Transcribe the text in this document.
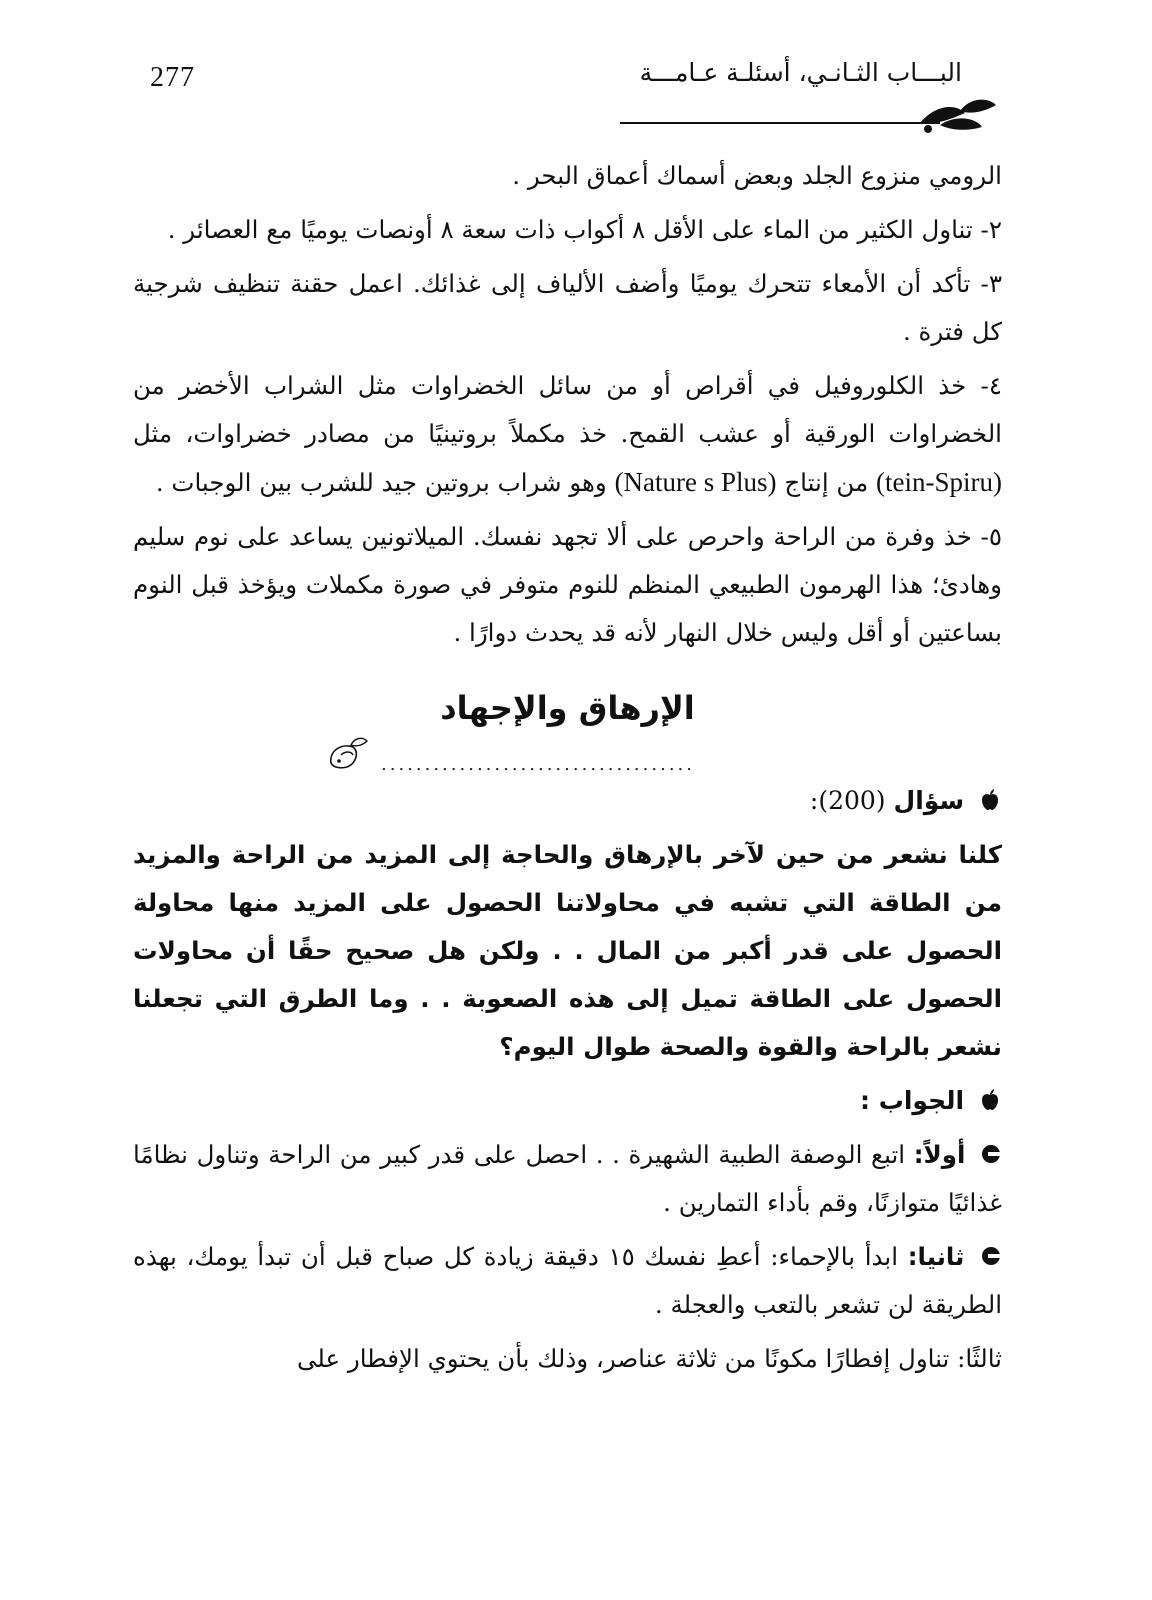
277	البـــاب الثـانـي، أسئلـة عـامـــة

الرومي منزوع الجلد وبعض أسماك أعماق البحر .

٢- تناول الكثير من الماء على الأقل ٨ أكواب ذات سعة ٨ أونصات يوميًا مع العصائر .

٣- تأكد أن الأمعاء تتحرك يوميًا وأضف الألياف إلى غذائك. اعمل حقنة تنظيف شرجية كل فترة .

٤- خذ الكلوروفيل في أقراص أو من سائل الخضراوات مثل الشراب الأخضر من الخضراوات الورقية أو عشب القمح. خذ مكملاً بروتينيًا من مصادر خضراوات، مثل (tein-Spiru) من إنتاج (Nature s Plus) وهو شراب بروتين جيد للشرب بين الوجبات .

٥- خذ وفرة من الراحة واحرص على ألا تجهد نفسك. الميلاتونين يساعد على نوم سليم وهادئ؛ هذا الهرمون الطبيعي المنظم للنوم متوفر في صورة مكملات ويؤخذ قبل النوم بساعتين أو أقل وليس خلال النهار لأنه قد يحدث دوارًا .

الإرهاق والإجهاد
....................................

سؤال (200):

كلنا نشعر من حين لآخر بالإرهاق والحاجة إلى المزيد من الراحة والمزيد من الطاقة التي تشبه في محاولاتنا الحصول على المزيد منها محاولة الحصول على قدر أكبر من المال . . ولكن هل صحيح حقًا أن محاولات الحصول على الطاقة تميل إلى هذه الصعوبة . . وما الطرق التي تجعلنا نشعر بالراحة والقوة والصحة طوال اليوم؟

الجواب :

أولاً: اتبع الوصفة الطبية الشهيرة . . احصل على قدر كبير من الراحة وتناول نظامًا غذائيًا متوازنًا، وقم بأداء التمارين .

ثانيا: ابدأ بالإحماء: أعطِ نفسك ١٥ دقيقة زيادة كل صباح قبل أن تبدأ يومك، بهذه الطريقة لن تشعر بالتعب والعجلة .

ثالثًا: تناول إفطارًا مكونًا من ثلاثة عناصر، وذلك بأن يحتوي الإفطار على
